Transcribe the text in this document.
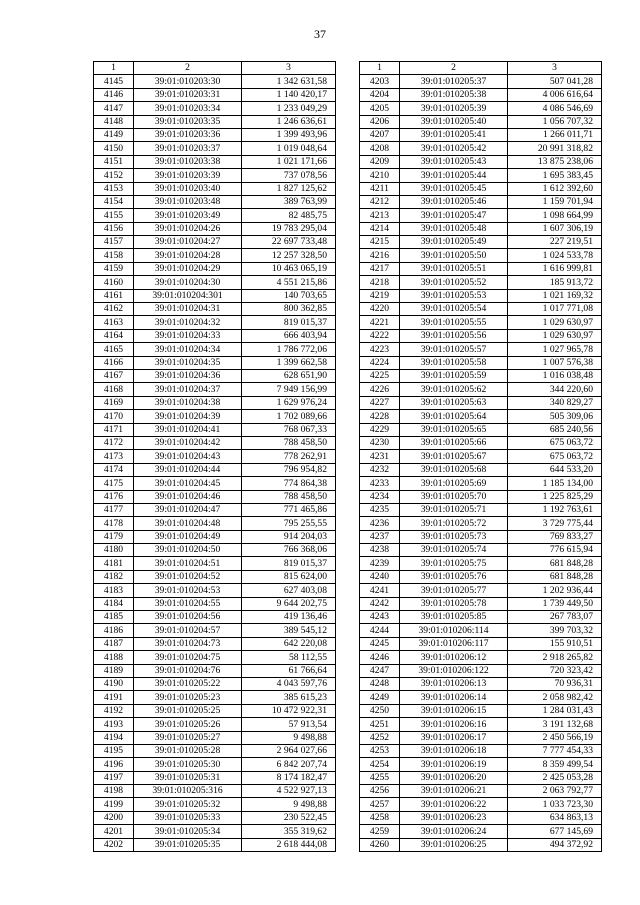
37
1	2	3
4145	39:01:010203:30	1 342 631,58
4146	39:01:010203:31	1 140 420,17
4147	39:01:010203:34	1 233 049,29
4148	39:01:010203:35	1 246 636,61
4149	39:01:010203:36	1 399 493,96
4150	39:01:010203:37	1 019 048,64
4151	39:01:010203:38	1 021 171,66
4152	39:01:010203:39	737 078,56
4153	39:01:010203:40	1 827 125,62
4154	39:01:010203:48	389 763,99
4155	39:01:010203:49	82 485,75
4156	39:01:010204:26	19 783 295,04
4157	39:01:010204:27	22 697 733,48
4158	39:01:010204:28	12 257 328,50
4159	39:01:010204:29	10 463 065,19
4160	39:01:010204:30	4 551 215,86
4161	39:01:010204:301	140 703,65
4162	39:01:010204:31	800 362,85
4163	39:01:010204:32	819 015,37
4164	39:01:010204:33	666 403,94
4165	39:01:010204:34	1 786 772,06
4166	39:01:010204:35	1 399 662,58
4167	39:01:010204:36	628 651,90
4168	39:01:010204:37	7 949 156,99
4169	39:01:010204:38	1 629 976,24
4170	39:01:010204:39	1 702 089,66
4171	39:01:010204:41	768 067,33
4172	39:01:010204:42	788 458,50
4173	39:01:010204:43	778 262,91
4174	39:01:010204:44	796 954,82
4175	39:01:010204:45	774 864,38
4176	39:01:010204:46	788 458,50
4177	39:01:010204:47	771 465,86
4178	39:01:010204:48	795 255,55
4179	39:01:010204:49	914 204,03
4180	39:01:010204:50	766 368,06
4181	39:01:010204:51	819 015,37
4182	39:01:010204:52	815 624,00
4183	39:01:010204:53	627 403,08
4184	39:01:010204:55	9 644 202,75
4185	39:01:010204:56	419 136,46
4186	39:01:010204:57	389 545,12
4187	39:01:010204:73	642 220,08
4188	39:01:010204:75	58 112,55
4189	39:01:010204:76	61 766,64
4190	39:01:010205:22	4 043 597,76
4191	39:01:010205:23	385 615,23
4192	39:01:010205:25	10 472 922,31
4193	39:01:010205:26	57 913,54
4194	39:01:010205:27	9 498,88
4195	39:01:010205:28	2 964 027,66
4196	39:01:010205:30	6 842 207,74
4197	39:01:010205:31	8 174 182,47
4198	39:01:010205:316	4 522 927,13
4199	39:01:010205:32	9 498,88
4200	39:01:010205:33	230 522,45
4201	39:01:010205:34	355 319,62
4202	39:01:010205:35	2 618 444,08
1	2	3
4203	39:01:010205:37	507 041,28
4204	39:01:010205:38	4 006 616,64
4205	39:01:010205:39	4 086 546,69
4206	39:01:010205:40	1 056 707,32
4207	39:01:010205:41	1 266 011,71
4208	39:01:010205:42	20 991 318,82
4209	39:01:010205:43	13 875 238,06
4210	39:01:010205:44	1 695 383,45
4211	39:01:010205:45	1 612 392,60
4212	39:01:010205:46	1 159 701,94
4213	39:01:010205:47	1 098 664,99
4214	39:01:010205:48	1 607 306,19
4215	39:01:010205:49	227 219,51
4216	39:01:010205:50	1 024 533,78
4217	39:01:010205:51	1 616 999,81
4218	39:01:010205:52	185 913,72
4219	39:01:010205:53	1 021 169,32
4220	39:01:010205:54	1 017 771,08
4221	39:01:010205:55	1 029 630,97
4222	39:01:010205:56	1 029 630,97
4223	39:01:010205:57	1 027 965,78
4224	39:01:010205:58	1 007 576,38
4225	39:01:010205:59	1 016 038,48
4226	39:01:010205:62	344 220,60
4227	39:01:010205:63	340 829,27
4228	39:01:010205:64	505 309,06
4229	39:01:010205:65	685 240,56
4230	39:01:010205:66	675 063,72
4231	39:01:010205:67	675 063,72
4232	39:01:010205:68	644 533,20
4233	39:01:010205:69	1 185 134,00
4234	39:01:010205:70	1 225 825,29
4235	39:01:010205:71	1 192 763,61
4236	39:01:010205:72	3 729 775,44
4237	39:01:010205:73	769 833,27
4238	39:01:010205:74	776 615,94
4239	39:01:010205:75	681 848,28
4240	39:01:010205:76	681 848,28
4241	39:01:010205:77	1 202 936,44
4242	39:01:010205:78	1 739 449,50
4243	39:01:010205:85	267 783,07
4244	39:01:010206:114	399 703,32
4245	39:01:010206:117	155 910,51
4246	39:01:010206:12	2 918 265,82
4247	39:01:010206:122	720 323,42
4248	39:01:010206:13	70 936,31
4249	39:01:010206:14	2 058 982,42
4250	39:01:010206:15	1 284 031,43
4251	39:01:010206:16	3 191 132,68
4252	39:01:010206:17	2 450 566,19
4253	39:01:010206:18	7 777 454,33
4254	39:01:010206:19	8 359 499,54
4255	39:01:010206:20	2 425 053,28
4256	39:01:010206:21	2 063 792,77
4257	39:01:010206:22	1 033 723,30
4258	39:01:010206:23	634 863,13
4259	39:01:010206:24	677 145,69
4260	39:01:010206:25	494 372,92
